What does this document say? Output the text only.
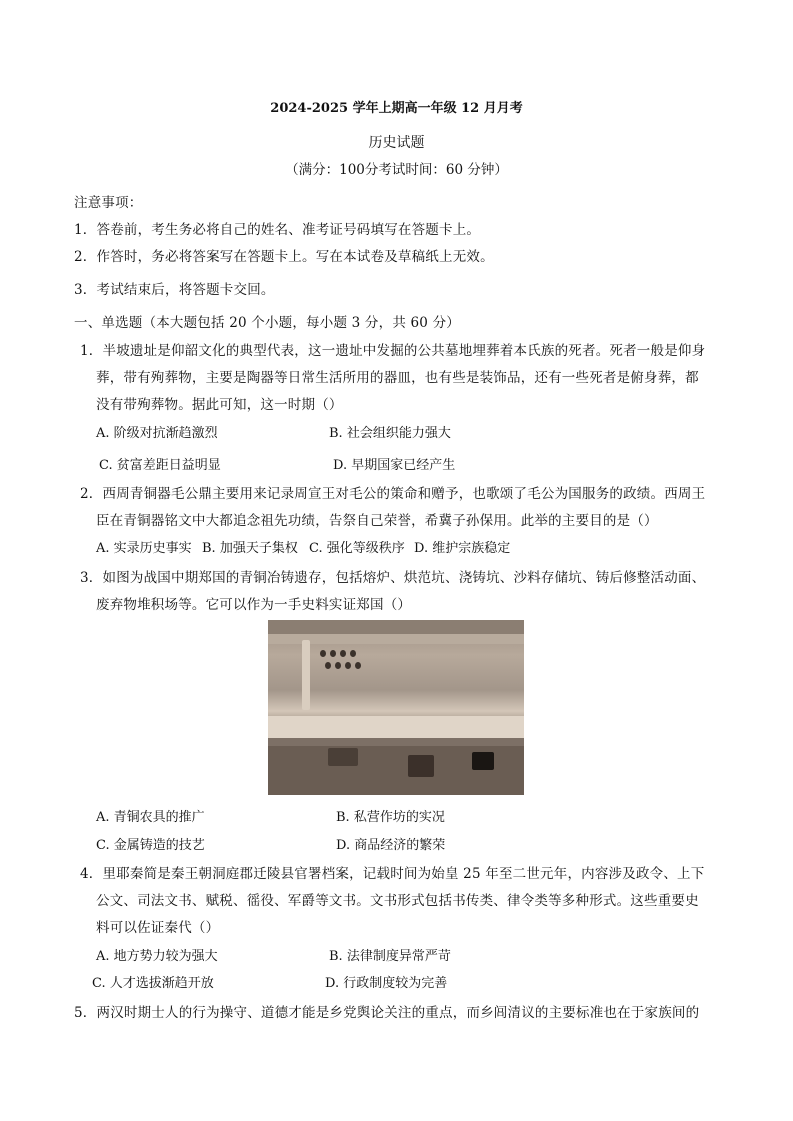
2024-2025 学年上期高一年级 12 月月考
历史试题
（满分：100分考试时间：60 分钟）
注意事项：
1．答卷前，考生务必将自己的姓名、准考证号码填写在答题卡上。
2．作答时，务必将答案写在答题卡上。写在本试卷及草稿纸上无效。
3．考试结束后，将答题卡交回。
一、单选题（本大题包括 20 个小题，每小题 3 分，共 60 分）
1．半坡遗址是仰韶文化的典型代表，这一遗址中发掘的公共墓地埋葬着本氏族的死者。死者一般是仰身
葬，带有殉葬物，主要是陶器等日常生活所用的器皿，也有些是装饰品，还有一些死者是俯身葬，都
没有带殉葬物。据此可知，这一时期（）
A. 阶级对抗渐趋激烈	B. 社会组织能力强大
C. 贫富差距日益明显	D. 早期国家已经产生
2．西周青铜器毛公鼎主要用来记录周宣王对毛公的策命和赠予，也歌颂了毛公为国服务的政绩。西周王
臣在青铜器铭文中大都追念祖先功绩，告祭自己荣誉，希冀子孙保用。此举的主要目的是（）
A. 实录历史事实 B. 加强天子集权 C. 强化等级秩序 D. 维护宗族稳定
3．如图为战国中期郑国的青铜冶铸遗存，包括熔炉、烘范坑、浇铸坑、沙料存储坑、铸后修整活动面、
废弃物堆积场等。它可以作为一手史料实证郑国（）
A. 青铜农具的推广	B. 私营作坊的实况
C. 金属铸造的技艺	D. 商品经济的繁荣
4．里耶秦简是秦王朝洞庭郡迁陵县官署档案，记载时间为始皇 25 年至二世元年，内容涉及政令、上下
公文、司法文书、赋税、徭役、军爵等文书。文书形式包括书传类、律令类等多种形式。这些重要史
料可以佐证秦代（）
A. 地方势力较为强大	B. 法律制度异常严苛
C. 人才选拔渐趋开放	D. 行政制度较为完善
5．两汉时期士人的行为操守、道德才能是乡党舆论关注的重点，而乡闾清议的主要标准也在于家族间的
